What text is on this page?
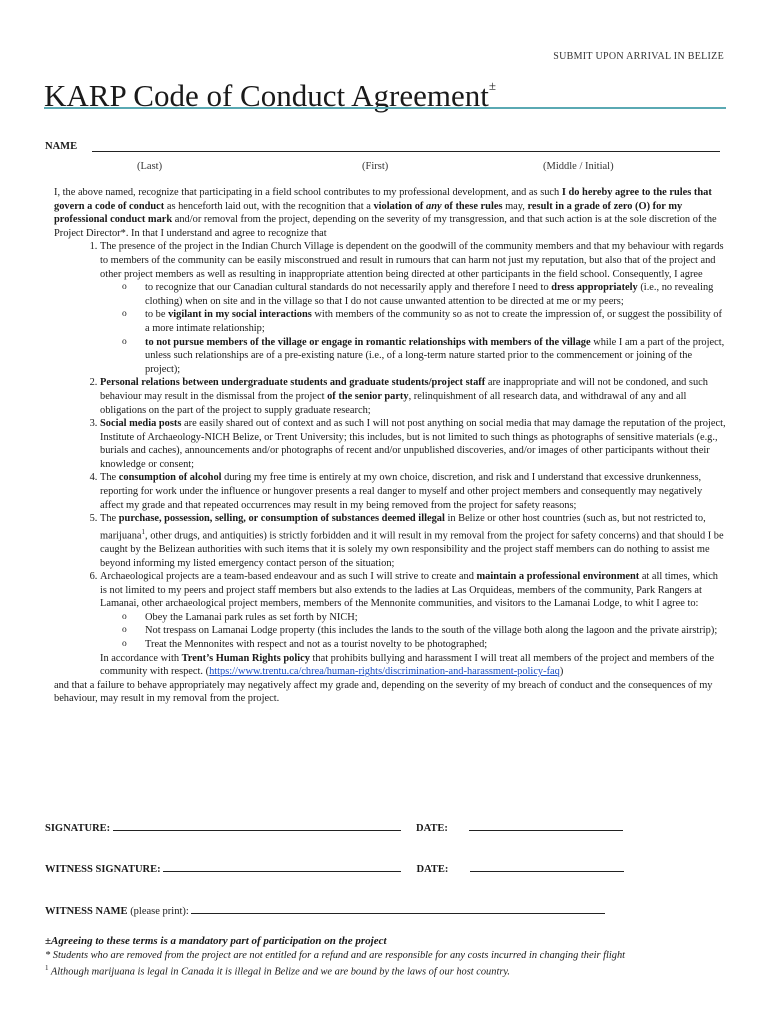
SUBMIT UPON ARRIVAL IN BELIZE
KARP Code of Conduct Agreement±
NAME
(Last)	(First)	(Middle / Initial)

I, the above named, recognize that participating in a field school contributes to my professional development, and as such I do hereby agree to the rules that govern a code of conduct as henceforth laid out, with the recognition that a violation of any of these rules may, result in a grade of zero (O) for my professional conduct mark and/or removal from the project, depending on the severity of my transgression, and that such action is at the sole discretion of the Project Director*. In that I understand and agree to recognize that

1. The presence of the project in the Indian Church Village is dependent on the goodwill of the community members and that my behaviour with regards to members of the community can be easily misconstrued and result in rumours that can harm not just my reputation, but also that of the project and other project members as well as resulting in inappropriate attention being directed at other participants in the field school. Consequently, I agree
o to recognize that our Canadian cultural standards do not necessarily apply and therefore I need to dress appropriately (i.e., no revealing clothing) when on site and in the village so that I do not cause unwanted attention to be directed at me or my peers;
o to be vigilant in my social interactions with members of the community so as not to create the impression of, or suggest the possibility of a more intimate relationship;
o to not pursue members of the village or engage in romantic relationships with members of the village while I am a part of the project, unless such relationships are of a pre-existing nature (i.e., of a long-term nature started prior to the commencement or joining of the project);
2. Personal relations between undergraduate students and graduate students/project staff are inappropriate and will not be condoned, and such behaviour may result in the dismissal from the project of the senior party, relinquishment of all research data, and withdrawal of any and all obligations on the part of the project to supply graduate research;
3. Social media posts are easily shared out of context and as such I will not post anything on social media that may damage the reputation of the project, Institute of Archaeology-NICH Belize, or Trent University; this includes, but is not limited to such things as photographs of sensitive materials (e.g., burials and caches), announcements and/or photographs of recent and/or unpublished discoveries, and/or images of other participants without their knowledge or consent;
4. The consumption of alcohol during my free time is entirely at my own choice, discretion, and risk and I understand that excessive drunkenness, reporting for work under the influence or hungover presents a real danger to myself and other project members and consequently may negatively affect my grade and that repeated occurrences may result in my being removed from the project for safety reasons;
5. The purchase, possession, selling, or consumption of substances deemed illegal in Belize or other host countries (such as, but not restricted to, marijuana$^1$, other drugs, and antiquities) is strictly forbidden and it will result in my removal from the project for safety concerns) and that should I be caught by the Belizean authorities with such items that it is solely my own responsibility and the project staff members can do nothing to assist me beyond informing my listed emergency contact person of the situation;
6. Archaeological projects are a team-based endeavour and as such I will strive to create and maintain a professional environment at all times, which is not limited to my peers and project staff members but also extends to the ladies at Las Orquideas, members of the community, Park Rangers at Lamanai, other archaeological project members, members of the Mennonite communities, and visitors to the Lamanai Lodge, to whit I agree to:
o Obey the Lamanai park rules as set forth by NICH;
o Not trespass on Lamanai Lodge property (this includes the lands to the south of the village both along the lagoon and the private airstrip);
o Treat the Mennonites with respect and not as a tourist novelty to be photographed;

In accordance with Trent’s Human Rights policy that prohibits bullying and harassment I will treat all members of the project and members of the community with respect. (https://www.trentu.ca/chrea/human-rights/discrimination-and-harassment-policy-faq)

and that a failure to behave appropriately may negatively affect my grade and, depending on the severity of my breach of conduct and the consequences of my behaviour, may result in my removal from the project.

SIGNATURE:	DATE:
WITNESS SIGNATURE:	DATE:
WITNESS NAME (please print):
±Agreeing to these terms is a mandatory part of participation on the project
* Students who are removed from the project are not entitled for a refund and are responsible for any costs incurred in changing their flight
$^1$ Although marijuana is legal in Canada it is illegal in Belize and we are bound by the laws of our host country.
